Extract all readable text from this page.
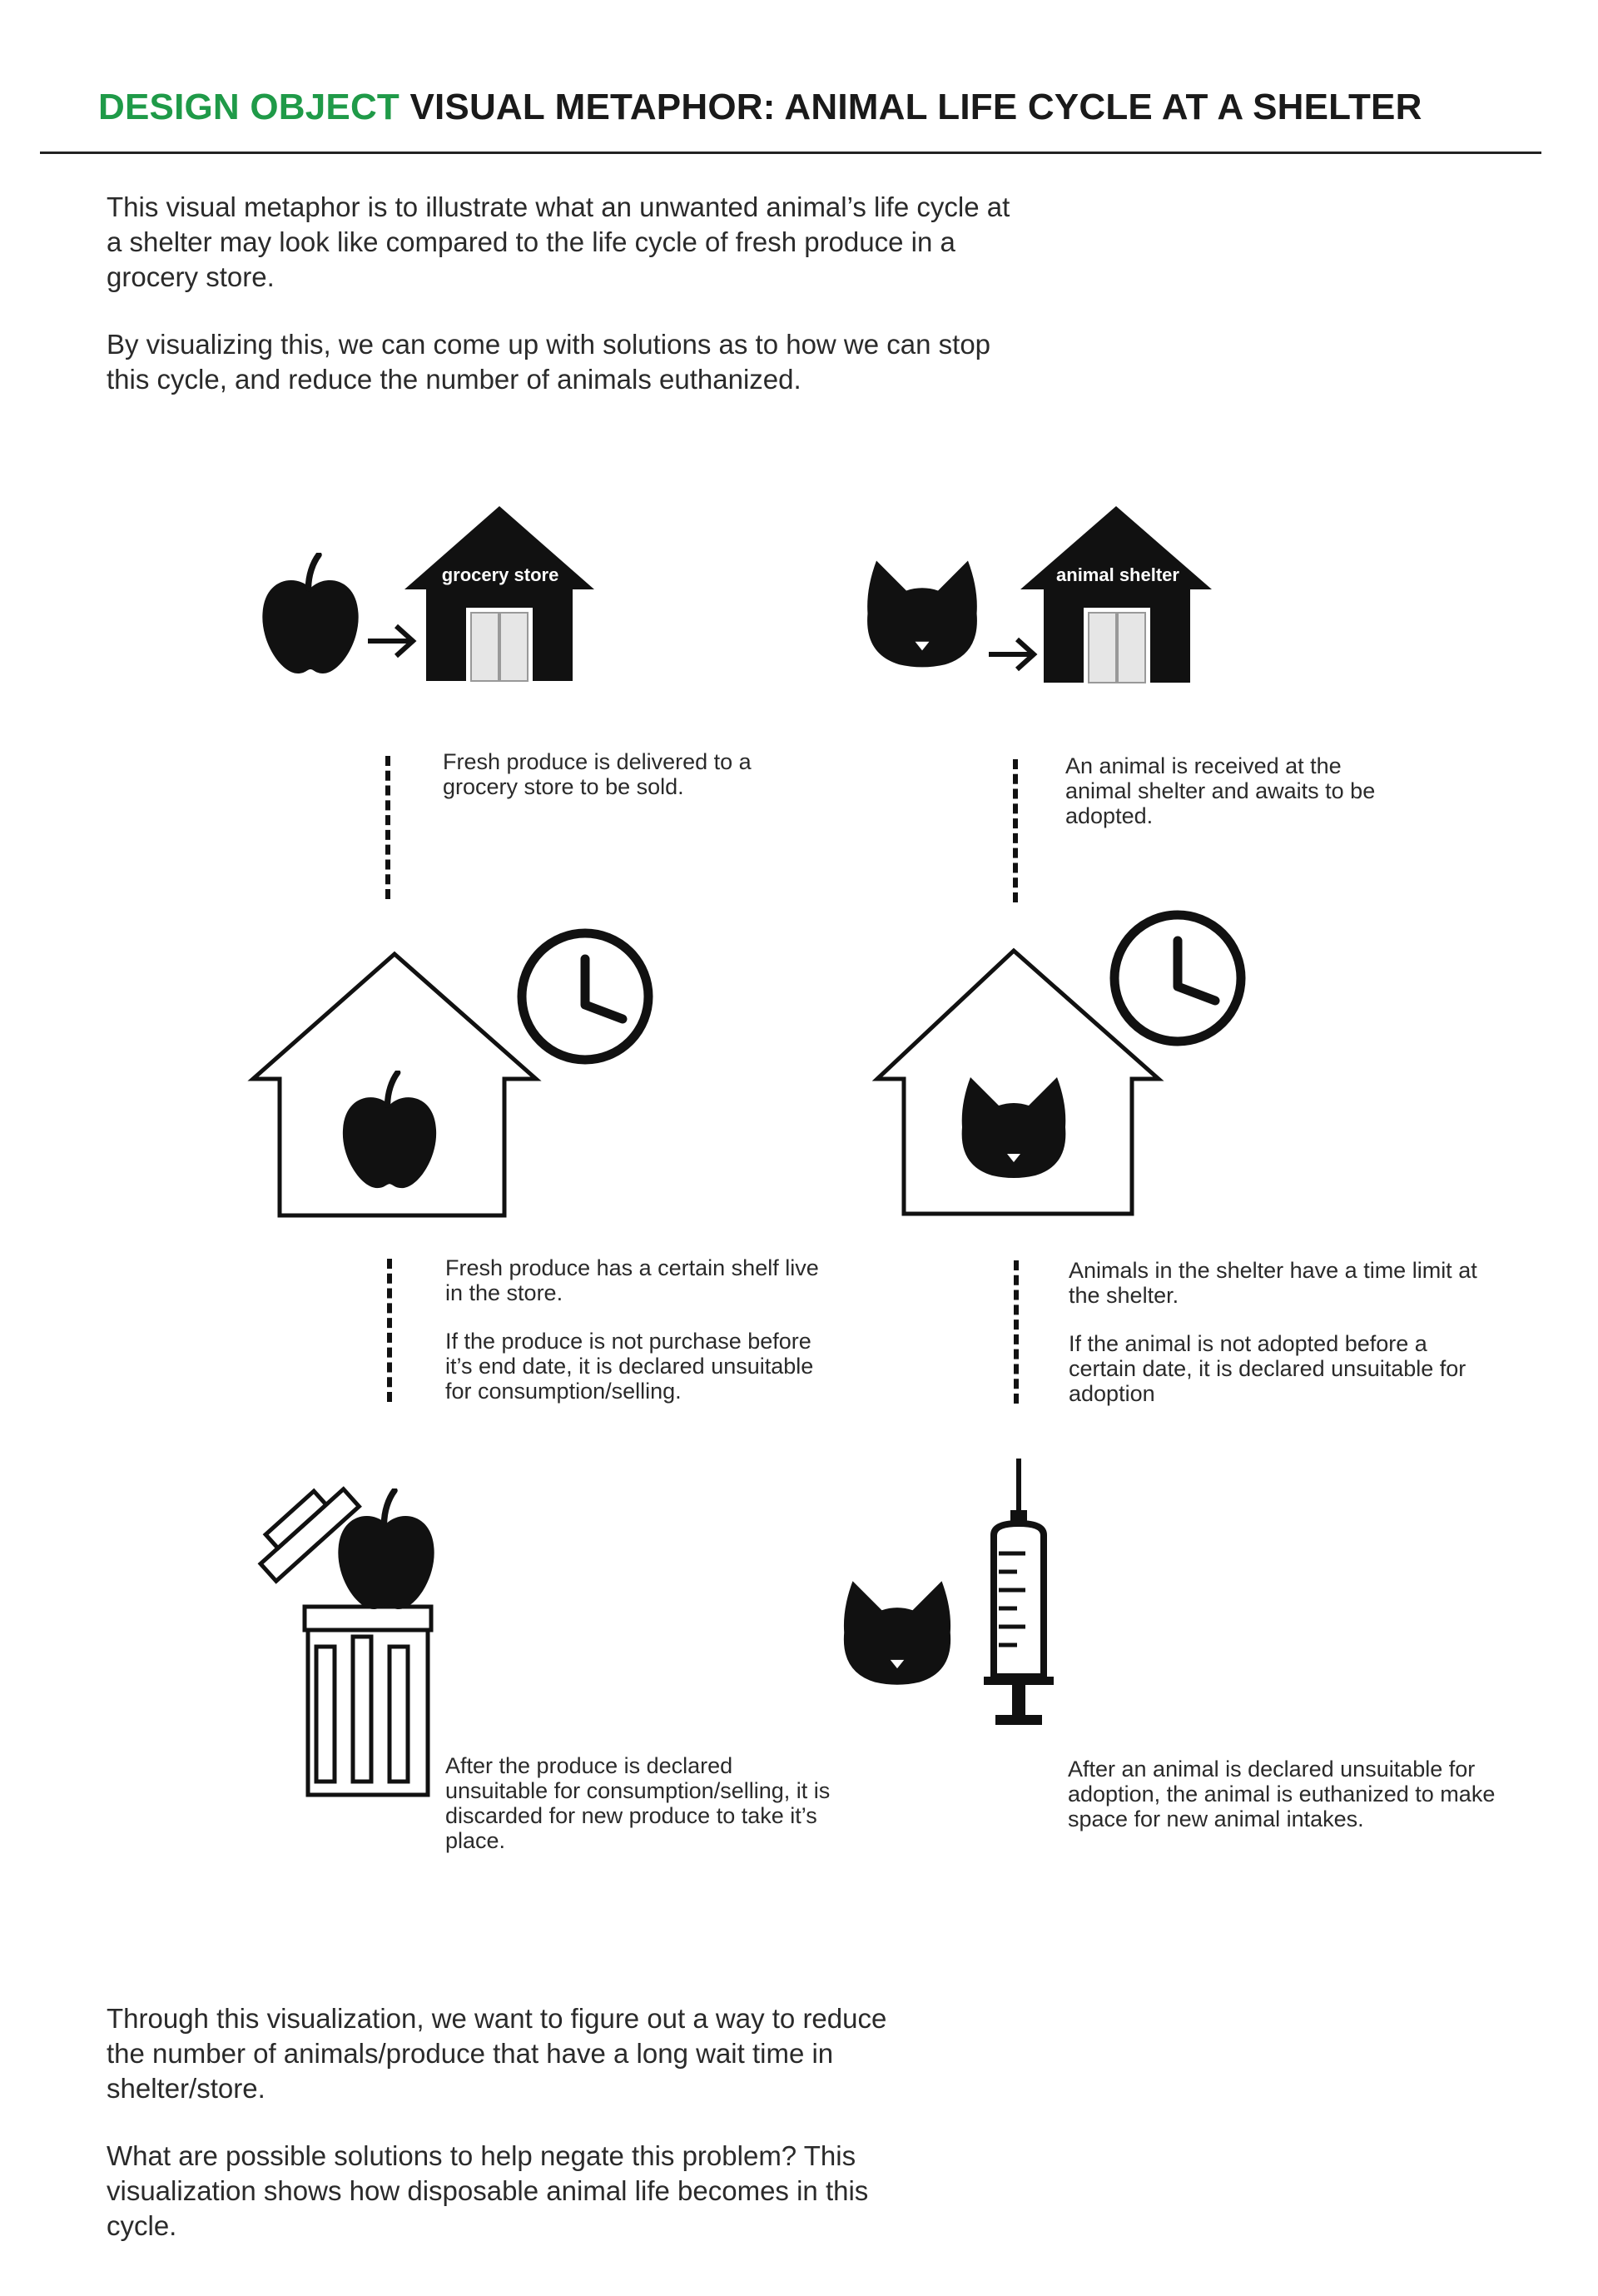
DESIGN OBJECT VISUAL METAPHOR: ANIMAL LIFE CYCLE AT A SHELTER

This visual metaphor is to illustrate what an unwanted animal’s life cycle at a shelter may look like compared to the life cycle of fresh produce in a grocery store.

By visualizing this, we can come up with solutions as to how we can stop this cycle, and reduce the number of animals euthanized.

grocery store

Fresh produce is delivered to a grocery store to be sold.

Fresh produce has a certain shelf live in the store.

If the produce is not purchase before it’s end date, it is declared unsuitable for consumption/selling.

After the produce is declared unsuitable for consumption/selling, it is discarded for new produce to take it’s place.

animal shelter

An animal is received at the animal shelter and awaits to be adopted.

Animals in the shelter have a time limit at the shelter.

If the animal is not adopted before a certain date, it is declared unsuitable for adoption

After an animal is declared unsuitable for adoption, the animal is euthanized to make space for new animal intakes.

Through this visualization, we want to figure out a way to reduce the number of animals/produce that have a long wait time in shelter/store.

What are possible solutions to help negate this problem? This visualization shows how disposable animal life becomes in this cycle.
